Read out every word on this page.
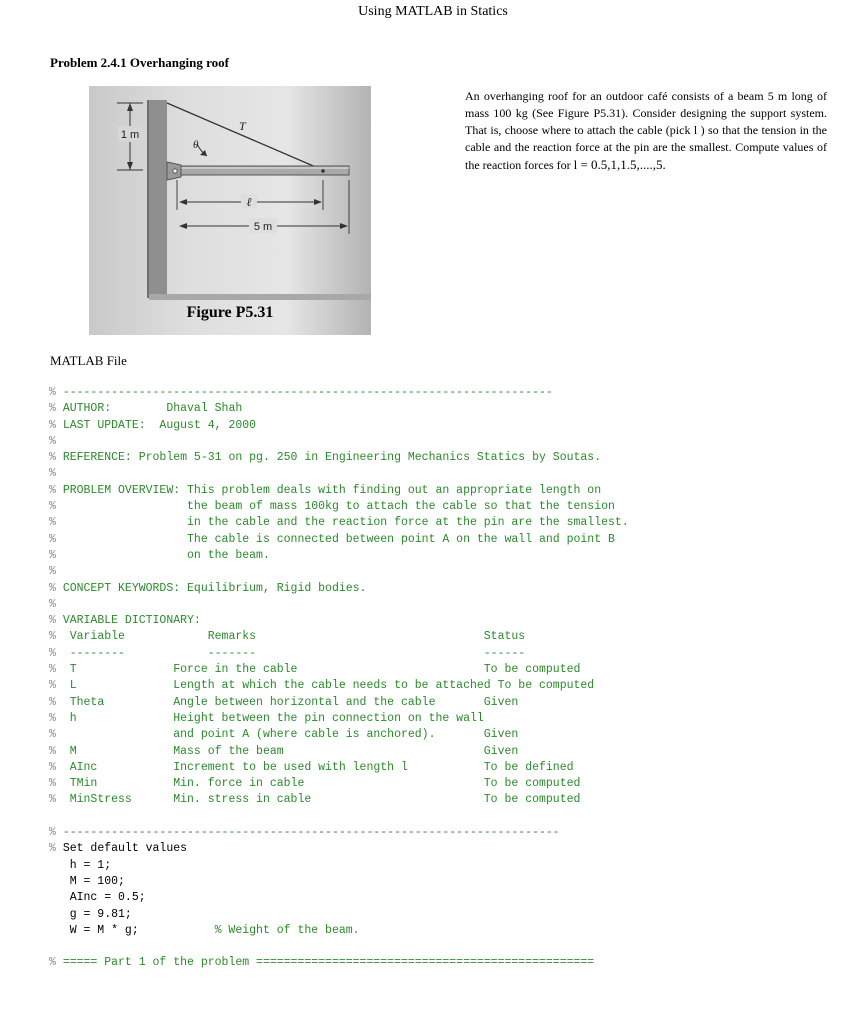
Using MATLAB in Statics
Problem 2.4.1 Overhanging roof
1 m
θ
T
ℓ
5 m
Figure P5.31
An overhanging roof for an outdoor café consists of a beam 5 m long of mass 100 kg (See Figure P5.31). Consider designing the support system. That is, choose where to attach the cable (pick l ) so that the tension in the cable and the reaction force at the pin are the smallest. Compute values of the reaction forces for l = 0.5,1,1.5,....,5.
MATLAB File
% -----------------------------------------------------------------------
% AUTHOR:        Dhaval Shah
% LAST UPDATE:  August 4, 2000
%
% REFERENCE: Problem 5-31 on pg. 250 in Engineering Mechanics Statics by Soutas.
%
% PROBLEM OVERVIEW: This problem deals with finding out an appropriate length on
%                   the beam of mass 100kg to attach the cable so that the tension
%                   in the cable and the reaction force at the pin are the smallest.
%                   The cable is connected between point A on the wall and point B
%                   on the beam.
%
% CONCEPT KEYWORDS: Equilibrium, Rigid bodies.
%
% VARIABLE DICTIONARY:
%  Variable            Remarks                                 Status
%  --------            -------                                 ------
%  T              Force in the cable                           To be computed
%  L              Length at which the cable needs to be attached To be computed
%  Theta          Angle between horizontal and the cable       Given
%  h              Height between the pin connection on the wall
%                 and point A (where cable is anchored).       Given
%  M              Mass of the beam                             Given
%  AInc           Increment to be used with length l           To be defined
%  TMin           Min. force in cable                          To be computed
%  MinStress      Min. stress in cable                         To be computed
% ------------------------------------------------------------------------
% Set default values
h = 1;
M = 100;
AInc = 0.5;
g = 9.81;
W = M * g;           % Weight of the beam.
% ===== Part 1 of the problem =================================================
